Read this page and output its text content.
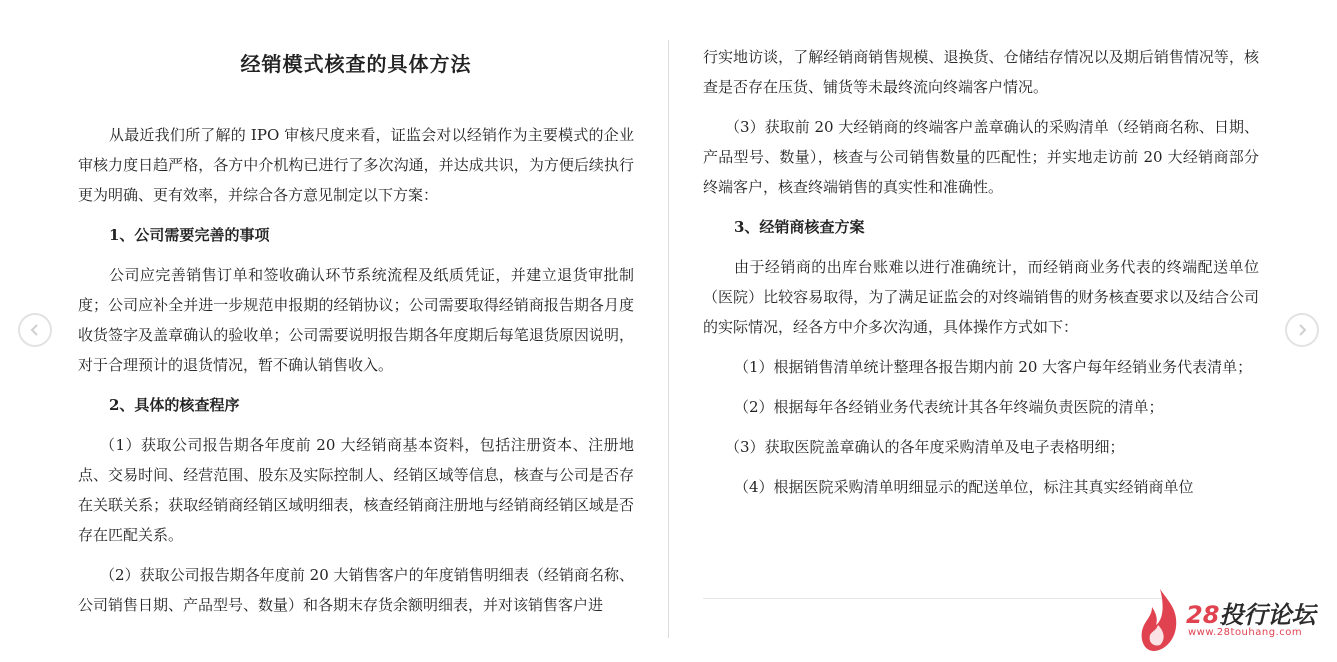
经销模式核查的具体方法

从最近我们所了解的 IPO 审核尺度来看，证监会对以经销作为主要模式的企业审核力度日趋严格，各方中介机构已进行了多次沟通，并达成共识，为方便后续执行更为明确、更有效率，并综合各方意见制定以下方案：

1、公司需要完善的事项

公司应完善销售订单和签收确认环节系统流程及纸质凭证，并建立退货审批制度；公司应补全并进一步规范申报期的经销协议；公司需要取得经销商报告期各月度收货签字及盖章确认的验收单；公司需要说明报告期各年度期后每笔退货原因说明，对于合理预计的退货情况，暂不确认销售收入。

2、具体的核查程序

（1）获取公司报告期各年度前 20 大经销商基本资料，包括注册资本、注册地点、交易时间、经营范围、股东及实际控制人、经销区域等信息，核查与公司是否存在关联关系；获取经销商经销区域明细表，核查经销商注册地与经销商经销区域是否存在匹配关系。

（2）获取公司报告期各年度前 20 大销售客户的年度销售明细表（经销商名称、公司销售日期、产品型号、数量）和各期末存货余额明细表，并对该销售客户进

行实地访谈，了解经销商销售规模、退换货、仓储结存情况以及期后销售情况等，核查是否存在压货、铺货等未最终流向终端客户情况。

（3）获取前 20 大经销商的终端客户盖章确认的采购清单（经销商名称、日期、产品型号、数量），核查与公司销售数量的匹配性；并实地走访前 20 大经销商部分终端客户，核查终端销售的真实性和准确性。

3、经销商核查方案

由于经销商的出库台账难以进行准确统计，而经销商业务代表的终端配送单位（医院）比较容易取得，为了满足证监会的对终端销售的财务核查要求以及结合公司的实际情况，经各方中介多次沟通，具体操作方式如下：

（1）根据销售清单统计整理各报告期内前 20 大客户每年经销业务代表清单；

（2）根据每年各经销业务代表统计其各年终端负责医院的清单；

（3）获取医院盖章确认的各年度采购清单及电子表格明细；

（4）根据医院采购清单明细显示的配送单位，标注其真实经销商单位

28投行论坛
www.28touhang.com
